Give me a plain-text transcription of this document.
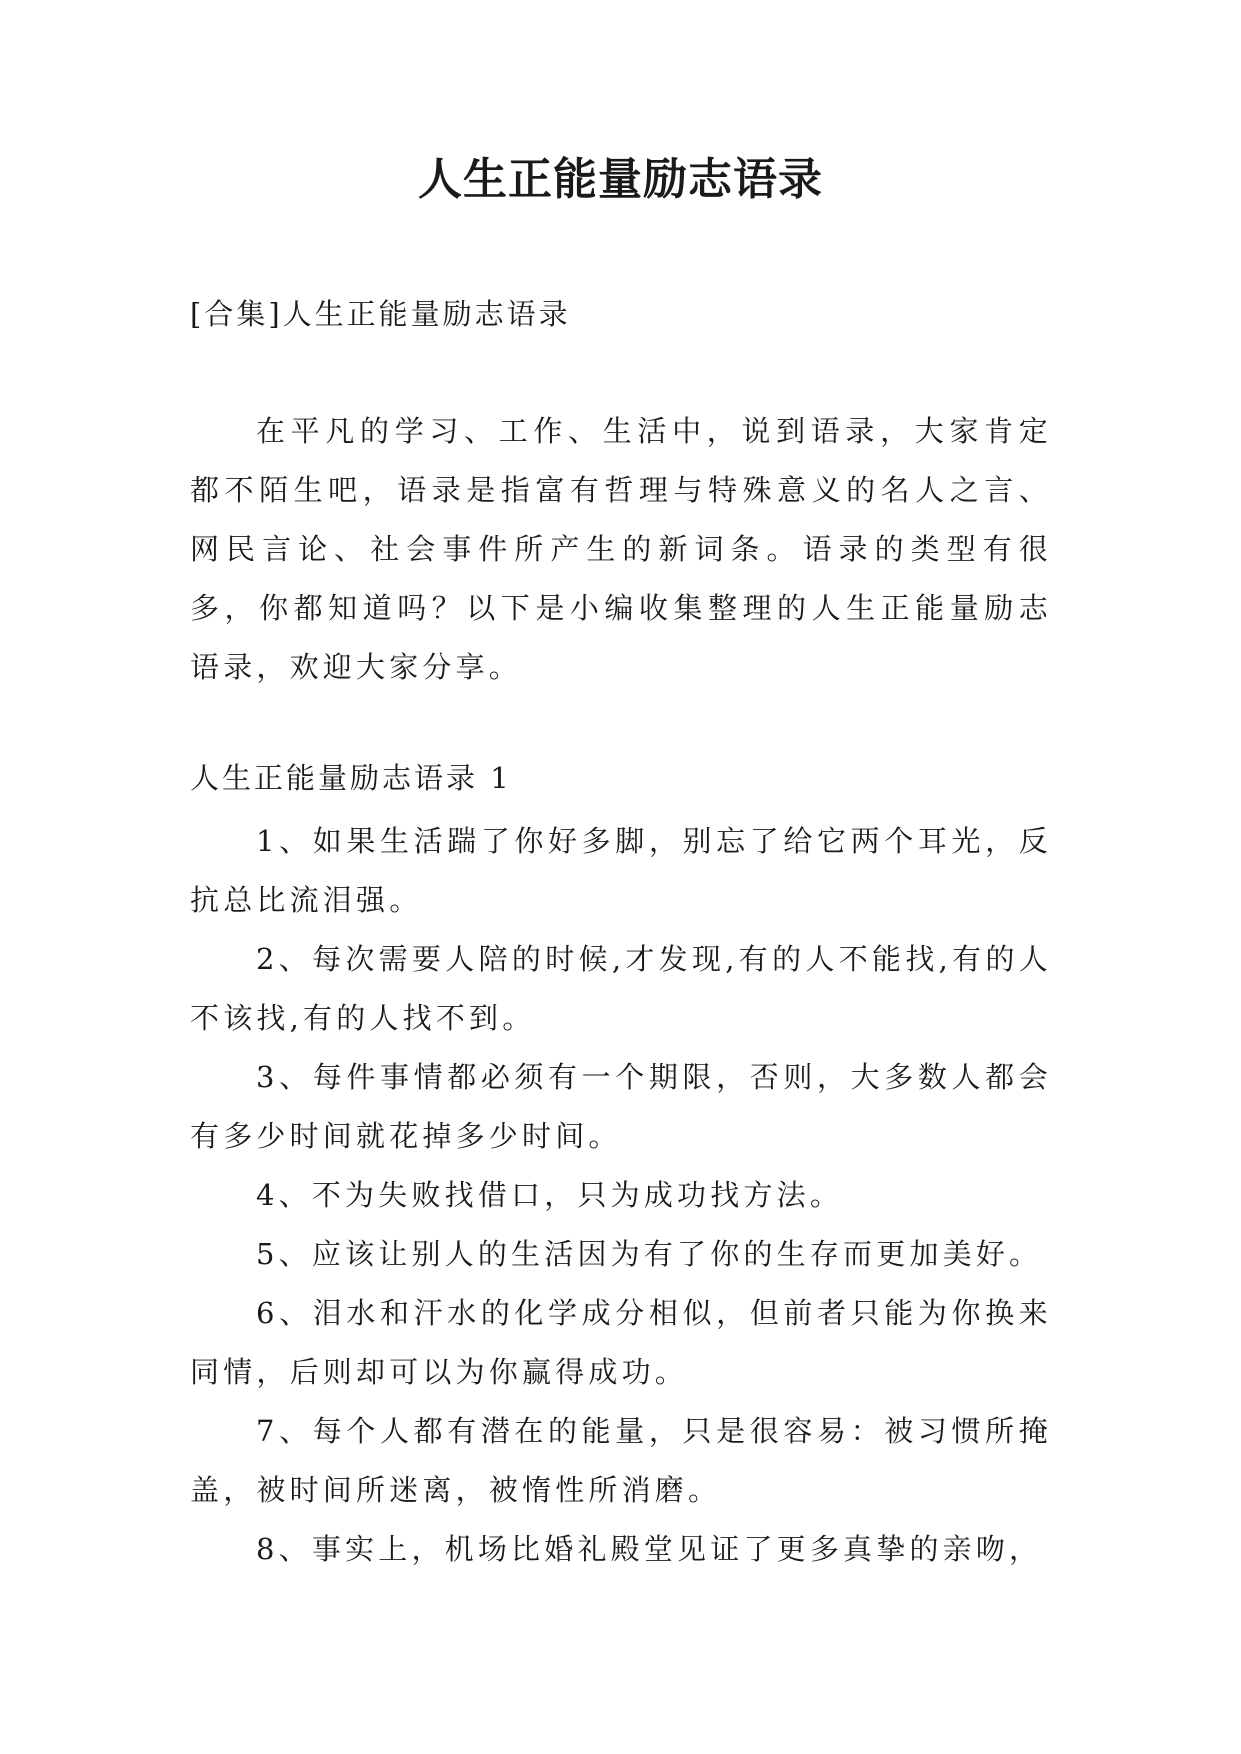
人生正能量励志语录
[合集]人生正能量励志语录
在平凡的学习、工作、生活中，说到语录，大家肯定都不陌生吧，语录是指富有哲理与特殊意义的名人之言、网民言论、社会事件所产生的新词条。语录的类型有很多，你都知道吗？以下是小编收集整理的人生正能量励志语录，欢迎大家分享。
人生正能量励志语录 1

1、如果生活踹了你好多脚，别忘了给它两个耳光，反抗总比流泪强。

2、每次需要人陪的时候,才发现,有的人不能找,有的人不该找,有的人找不到。

3、每件事情都必须有一个期限，否则，大多数人都会有多少时间就花掉多少时间。

4、不为失败找借口，只为成功找方法。

5、应该让别人的生活因为有了你的生存而更加美好。

6、泪水和汗水的化学成分相似，但前者只能为你换来同情，后则却可以为你赢得成功。

7、每个人都有潜在的能量，只是很容易：被习惯所掩盖，被时间所迷离，被惰性所消磨。

8、事实上，机场比婚礼殿堂见证了更多真挚的亲吻，
